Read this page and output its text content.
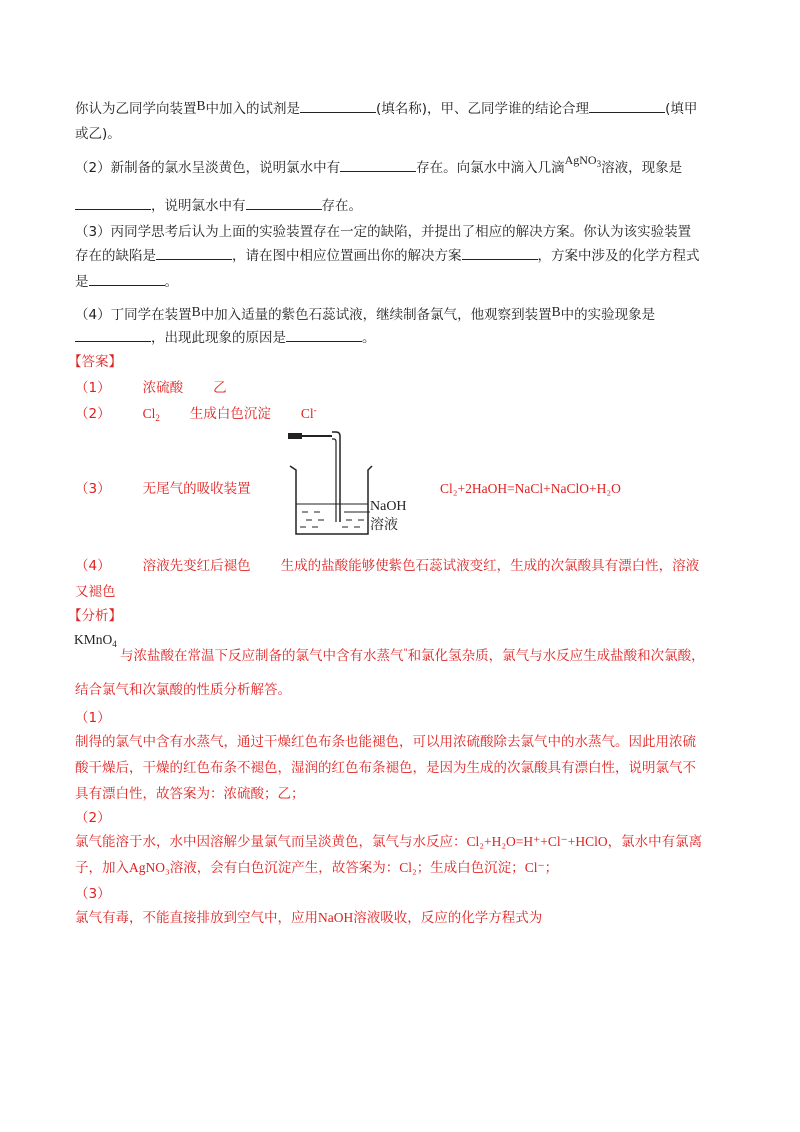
你认为乙同学向装置B中加入的试剂是	(填名称)，甲、乙同学谁的结论合理	(填甲
或乙)。
（2）新制备的氯水呈淡黄色，说明氯水中有	存在。向氯水中滴入几滴AgNO$_3$溶液，现象是
，说明氯水中有	存在。
（3）丙同学思考后认为上面的实验装置存在一定的缺陷，并提出了相应的解决方案。你认为该实验装置
存在的缺陷是	，请在图中相应位置画出你的解决方案	，方案中涉及的化学方程式
是	。
（4）丁同学在装置B中加入适量的紫色石蕊试液，继续制备氯气，他观察到装置B中的实验现象是
，出现此现象的原因是	。
【答案】
（1） 浓硫酸 乙
（2） $Cl_2$ 生成白色沉淀 Cl-
（3） 无尾气的吸收装置
NaOH
溶液
Cl₂+2HaOH=NaCl+NaClO+H₂O
（4） 溶液先变红后褪色 生成的盐酸能够使紫色石蕊试液变红，生成的次氯酸具有漂白性，溶液
又褪色
【分析】
KMnO$_4$
与浓盐酸在常温下反应制备的氯气中含有水蒸气"和氯化氢杂质，氯气与水反应生成盐酸和次氯酸，
结合氯气和次氯酸的性质分析解答。
（1）
制得的氯气中含有水蒸气，通过干燥红色布条也能褪色，可以用浓硫酸除去氯气中的水蒸气。因此用浓硫
酸干燥后，干燥的红色布条不褪色，湿润的红色布条褪色，是因为生成的次氯酸具有漂白性，说明氯气不
具有漂白性，故答案为：浓硫酸；乙；
（2）
氯气能溶于水，水中因溶解少量氯气而呈淡黄色，氯气与水反应：Cl₂+H₂O=H⁺+Cl⁻+HClO，氯水中有氯离
子，加入AgNO₃溶液，会有白色沉淀产生，故答案为：Cl₂；生成白色沉淀；Cl⁻；
（3）
氯气有毒，不能直接排放到空气中，应用NaOH溶液吸收，反应的化学方程式为
